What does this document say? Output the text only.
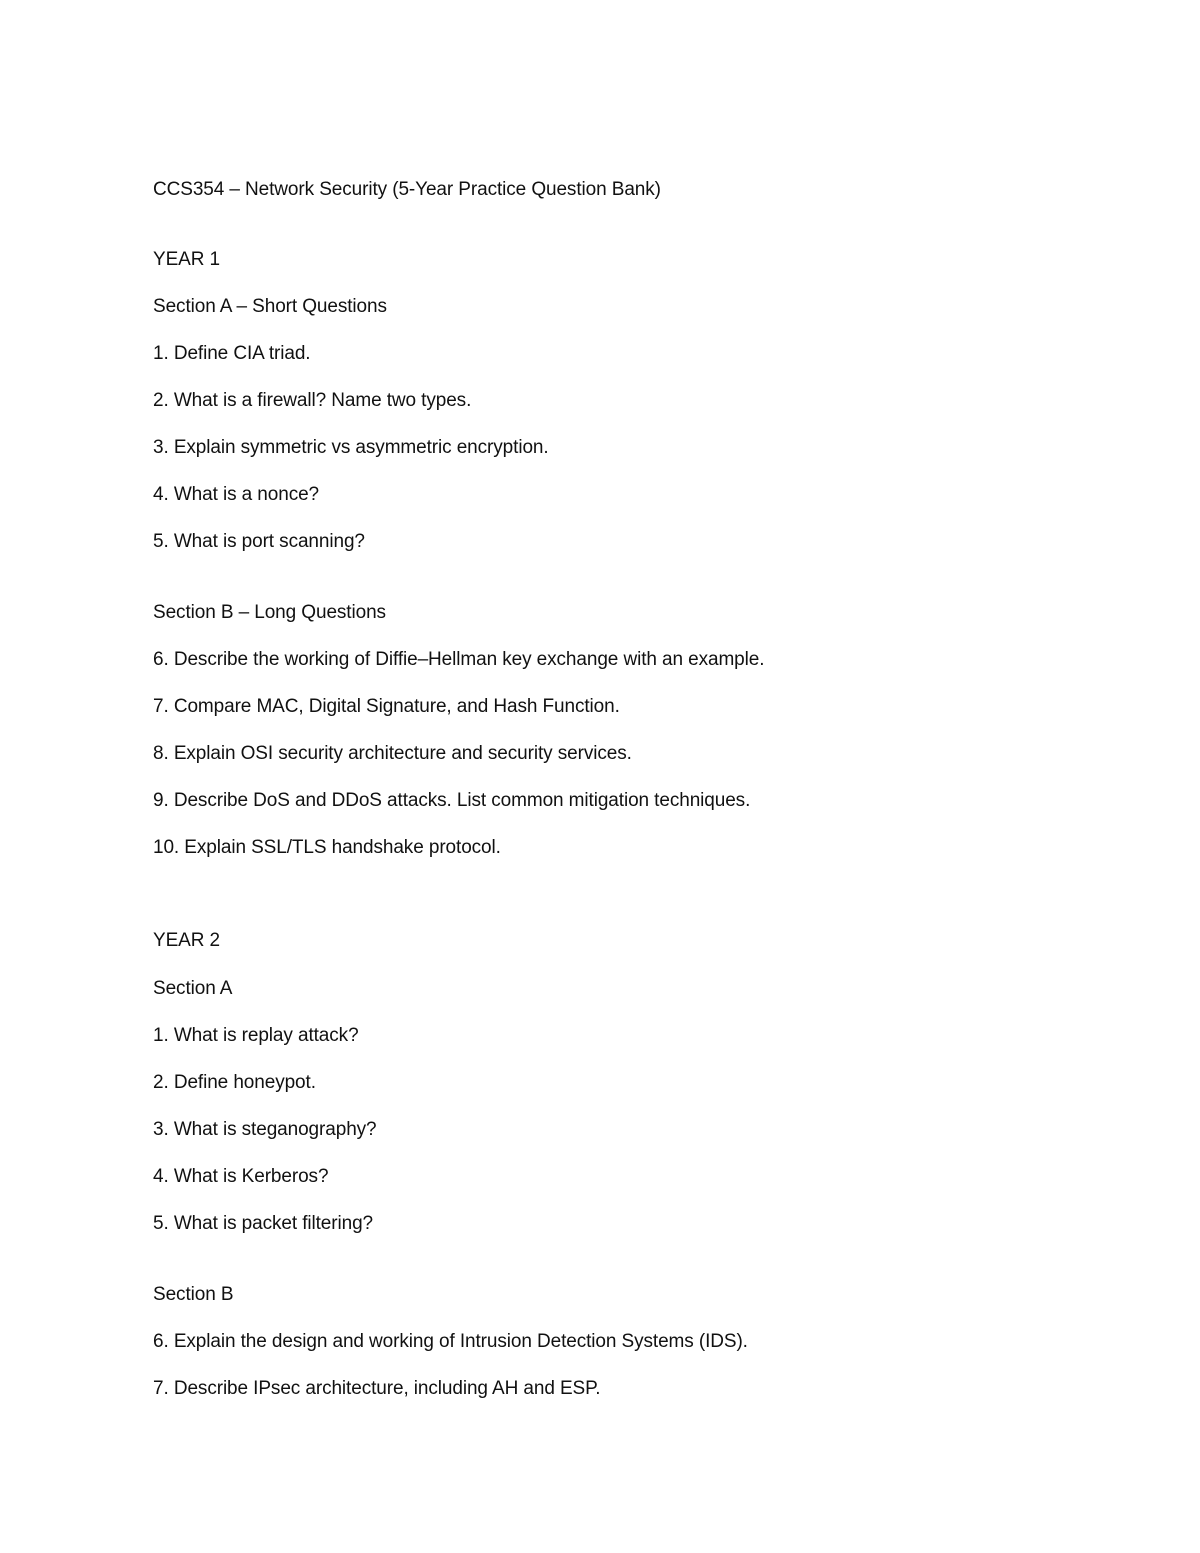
CCS354 – Network Security (5-Year Practice Question Bank)
YEAR 1
Section A – Short Questions
1. Define CIA triad.
2. What is a firewall? Name two types.
3. Explain symmetric vs asymmetric encryption.
4. What is a nonce?
5. What is port scanning?
Section B – Long Questions
6. Describe the working of Diffie–Hellman key exchange with an example.
7. Compare MAC, Digital Signature, and Hash Function.
8. Explain OSI security architecture and security services.
9. Describe DoS and DDoS attacks. List common mitigation techniques.
10. Explain SSL/TLS handshake protocol.
YEAR 2
Section A
1. What is replay attack?
2. Define honeypot.
3. What is steganography?
4. What is Kerberos?
5. What is packet filtering?
Section B
6. Explain the design and working of Intrusion Detection Systems (IDS).
7. Describe IPsec architecture, including AH and ESP.
